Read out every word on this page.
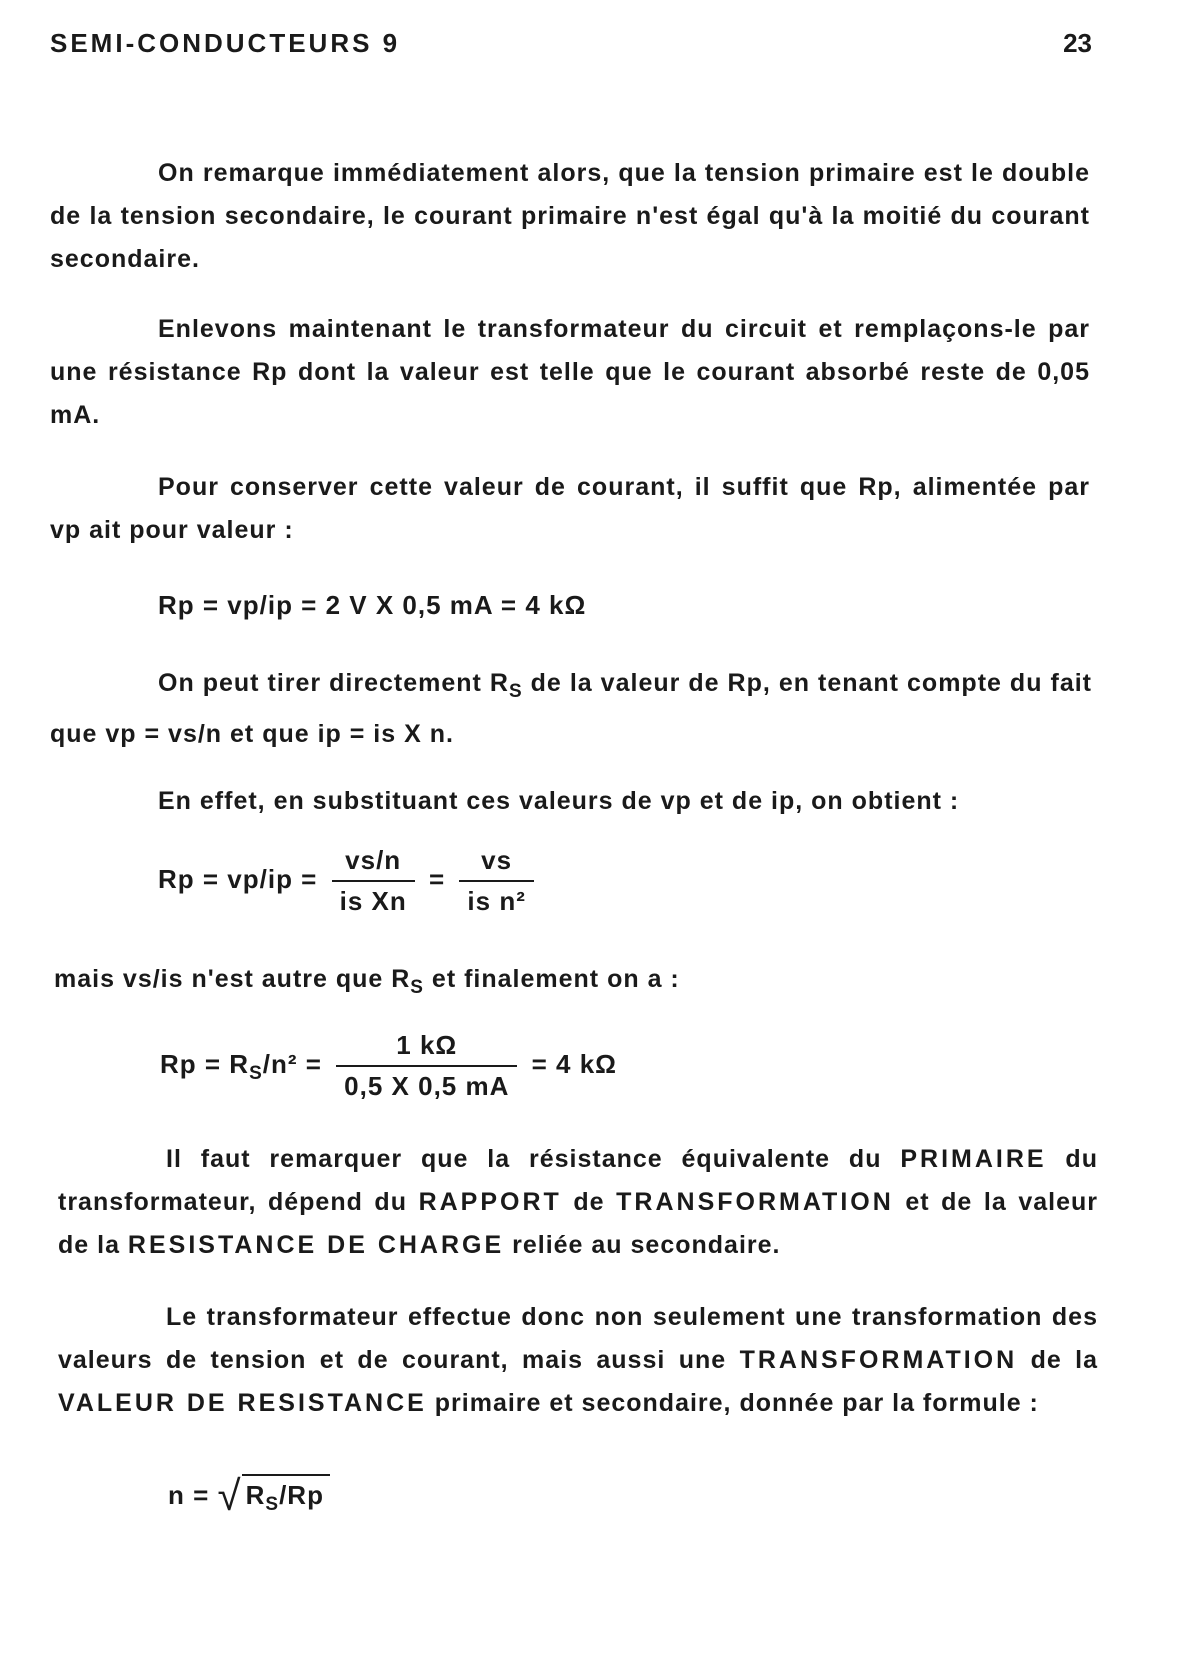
SEMI-CONDUCTEURS 9	23
On remarque immédiatement alors, que la tension primaire est le double de la tension secondaire, le courant primaire n'est égal qu'à la moitié du courant secondaire.
Enlevons maintenant le transformateur du circuit et remplaçons-le par une résistance Rp dont la valeur est telle que le courant absorbé reste de 0,05 mA.
Pour conserver cette valeur de courant, il suffit que Rp, alimentée par vp ait pour valeur :
Rp = vp/ip = 2 V X 0,5 mA = 4 kΩ
On peut tirer directement $R_S$ de la valeur de Rp, en tenant compte du fait que vp = vs/n et que ip = is X n.
En effet, en substituant ces valeurs de vp et de ip, on obtient :
$Rp = vp/ip = \frac{vs/n}{\text{is Xn}} = \frac{vs}{\text{is n²}}$
mais vs/is n'est autre que $R_S$ et finalement on a :
$Rp = R_S/n^2 = \frac{1 k\Omega}{0,5 X 0,5 mA} = 4$ kΩ
Il faut remarquer que la résistance équivalente du PRIMAIRE du transformateur, dépend du RAPPORT de TRANSFORMATION et de la valeur de la RESISTANCE DE CHARGE reliée au secondaire.
Le transformateur effectue donc non seulement une transformation des valeurs de tension et de courant, mais aussi une TRANSFORMATION de la VALEUR DE RESISTANCE primaire et secondaire, donnée par la formule :
n = √ $R_S/Rp$
